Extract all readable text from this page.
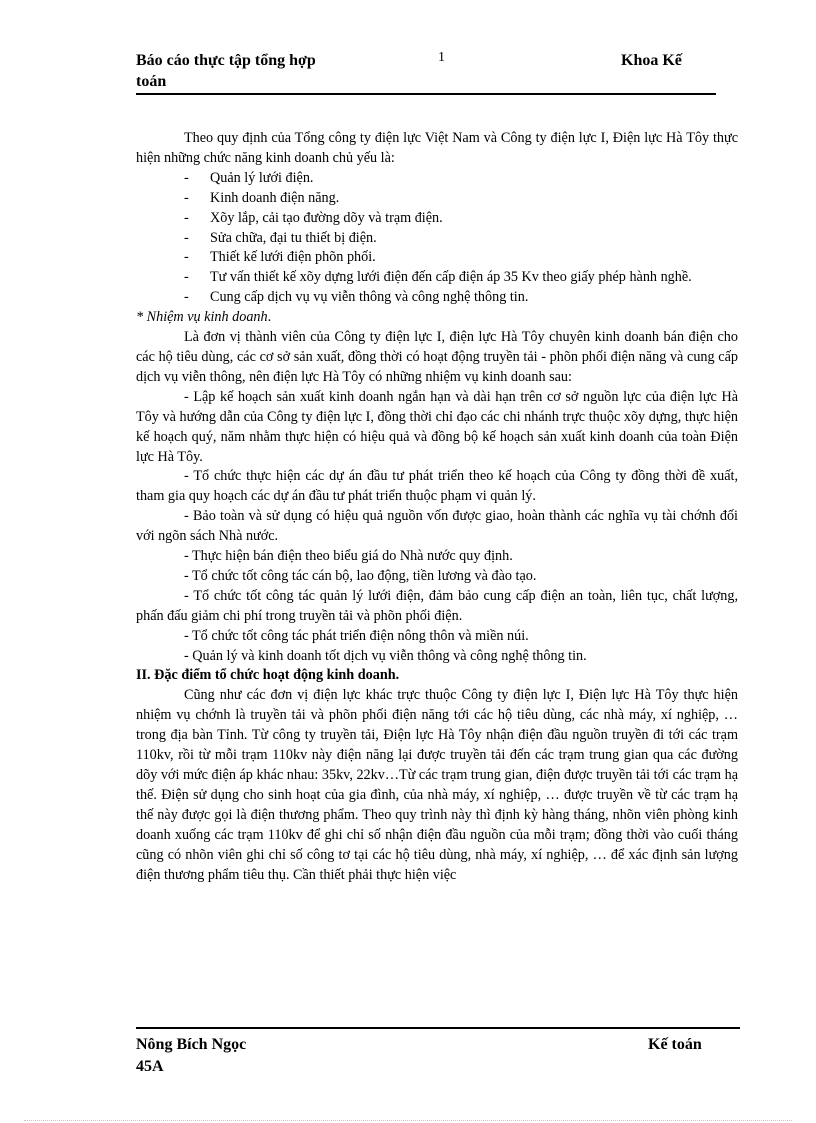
Báo cáo thực tập tổng hợp
toán
1	Khoa Kế

Theo quy định của Tổng công ty điện lực Việt Nam và Công ty điện lực I, Điện lực Hà Tôy thực hiện những chức năng kinh doanh chủ yếu là:

-	Quản lý lưới điện.
-	Kinh doanh điện năng.
-	Xõy lắp, cải tạo đường dõy và trạm điện.
-	Sửa chữa, đại tu thiết bị điện.
-	Thiết kế lưới điện phõn phối.
-	Tư vấn thiết kế xõy dựng lưới điện đến cấp điện áp 35 Kv theo giấy phép hành nghề.
-	Cung cấp dịch vụ vụ viễn thông và công nghệ thông tin.

* Nhiệm vụ kinh doanh.

Là đơn vị thành viên của Công ty điện lực I, điện lực Hà Tôy chuyên kinh doanh bán điện cho các hộ tiêu dùng, các cơ sở sản xuất, đồng thời có hoạt động truyền tải - phõn phối điện năng và cung cấp dịch vụ viễn thông, nên điện lực Hà Tôy có những nhiệm vụ kinh doanh sau:

- Lập kế hoạch sản xuất kinh doanh ngắn hạn và dài hạn trên cơ sở nguồn lực của điện lực Hà Tôy và hướng dẫn của Công ty điện lực I, đồng thời chỉ đạo các chi nhánh trực thuộc xõy dựng, thực hiện kế hoạch quý, năm nhằm thực hiện có hiệu quả và đồng bộ kế hoạch sản xuất kinh doanh của toàn Điện lực Hà Tôy.

- Tổ chức thực hiện các dự án đầu tư phát triển theo kế hoạch của Công ty đồng thời đề xuất, tham gia quy hoạch các dự án đầu tư phát triển thuộc phạm vi quản lý.

- Bảo toàn và sử dụng có hiệu quả nguồn vốn được giao, hoàn thành các nghĩa vụ tài chớnh đối với ngõn sách Nhà nước.

- Thực hiện bán điện theo biểu giá do Nhà nước quy định.

- Tổ chức tốt công tác cán bộ, lao động, tiền lương và đào tạo.

- Tổ chức tốt công tác quản lý lưới điện, đảm bảo cung cấp điện an toàn, liên tục, chất lượng, phấn đấu giảm chi phí trong truyền tải và phõn phối điện.

- Tổ chức tốt công tác phát triển điện nông thôn và miền núi.

- Quản lý và kinh doanh tốt dịch vụ viễn thông và công nghệ thông tin.

II. Đặc điểm tổ chức hoạt động kinh doanh.

Cũng như các đơn vị điện lực khác trực thuộc Công ty điện lực I, Điện lực Hà Tôy thực hiện nhiệm vụ chớnh là truyền tải và phõn phối điện năng tới các hộ tiêu dùng, các nhà máy, xí nghiệp, …trong địa bàn Tỉnh. Từ công ty truyền tải, Điện lực Hà Tôy nhận điện đầu nguồn truyền đi tới các trạm 110kv, rồi từ mỗi trạm 110kv này điện năng lại được truyền tải đến các trạm trung gian qua các đường dõy với mức điện áp khác nhau: 35kv, 22kv…Từ các trạm trung gian, điện được truyền tải tới các trạm hạ thế. Điện sử dụng cho sinh hoạt của gia đình, của nhà máy, xí nghiệp, … được truyền về từ các trạm hạ thế này được gọi là điện thương phẩm. Theo quy trình này thì định kỳ hàng tháng, nhõn viên phòng kinh doanh xuống các trạm 110kv để ghi chỉ số nhận điện đầu nguồn của mỗi trạm; đồng thời vào cuối tháng cũng có nhõn viên ghi chỉ số công tơ tại các hộ tiêu dùng, nhà máy, xí nghiệp, … để xác định sản lượng điện thương phẩm tiêu thụ. Cần thiết phải thực hiện việc

Nông Bích Ngọc
45A
Kế toán
